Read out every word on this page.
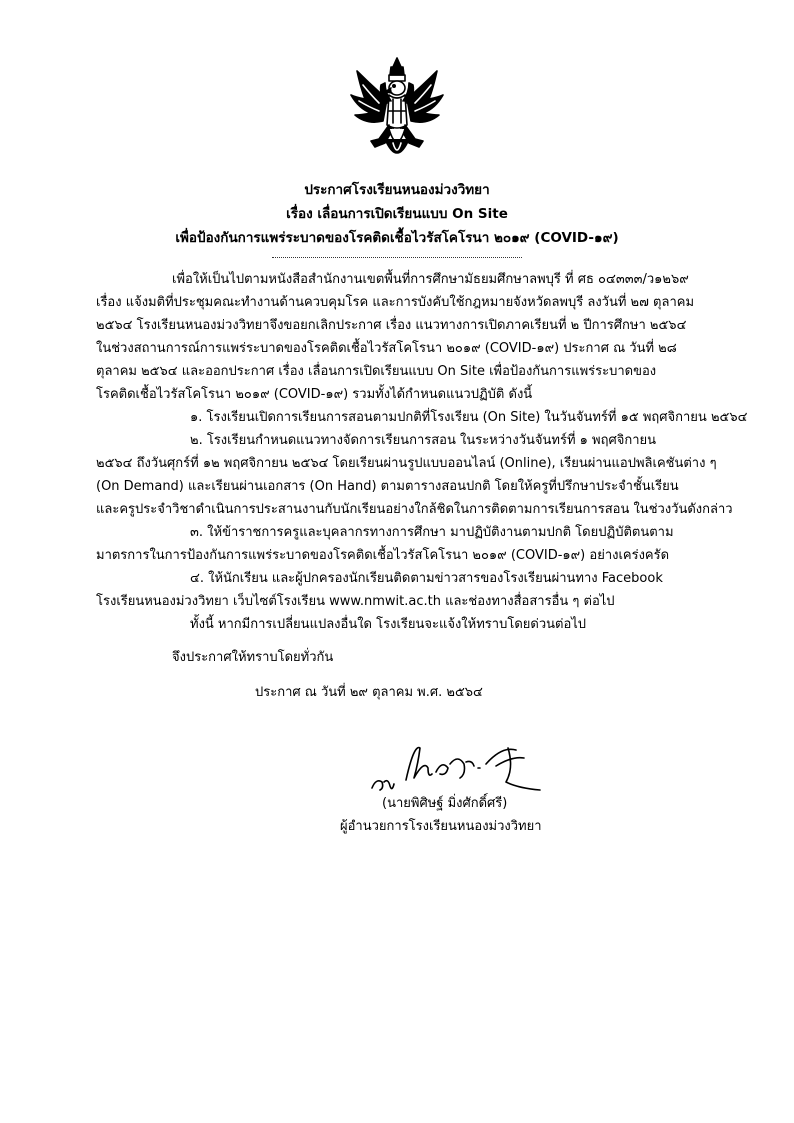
ประกาศโรงเรียนหนองม่วงวิทยา
เรื่อง เลื่อนการเปิดเรียนแบบ On Site
เพื่อป้องกันการแพร่ระบาดของโรคติดเชื้อไวรัสโคโรนา ๒๐๑๙ (COVID-๑๙)
เพื่อให้เป็นไปตามหนังสือสำนักงานเขตพื้นที่การศึกษามัธยมศึกษาลพบุรี ที่ ศธ ๐๔๓๓๓/ว๑๒๖๙
เรื่อง แจ้งมติที่ประชุมคณะทำงานด้านควบคุมโรค และการบังคับใช้กฎหมายจังหวัดลพบุรี ลงวันที่ ๒๗ ตุลาคม
๒๕๖๔ โรงเรียนหนองม่วงวิทยาจึงขอยกเลิกประกาศ เรื่อง แนวทางการเปิดภาคเรียนที่ ๒ ปีการศึกษา ๒๕๖๔
ในช่วงสถานการณ์การแพร่ระบาดของโรคติดเชื้อไวรัสโคโรนา ๒๐๑๙ (COVID-๑๙) ประกาศ ณ วันที่ ๒๘
ตุลาคม ๒๕๖๔ และออกประกาศ เรื่อง เลื่อนการเปิดเรียนแบบ On Site เพื่อป้องกันการแพร่ระบาดของ
โรคติดเชื้อไวรัสโคโรนา ๒๐๑๙ (COVID-๑๙) รวมทั้งได้กำหนดแนวปฏิบัติ ดังนี้
๑. โรงเรียนเปิดการเรียนการสอนตามปกติที่โรงเรียน (On Site) ในวันจันทร์ที่ ๑๕ พฤศจิกายน ๒๕๖๔
๒. โรงเรียนกำหนดแนวทางจัดการเรียนการสอน ในระหว่างวันจันทร์ที่ ๑ พฤศจิกายน
๒๕๖๔ ถึงวันศุกร์ที่ ๑๒ พฤศจิกายน ๒๕๖๔ โดยเรียนผ่านรูปแบบออนไลน์ (Online), เรียนผ่านแอปพลิเคชันต่าง ๆ
(On Demand) และเรียนผ่านเอกสาร (On Hand) ตามตารางสอนปกติ โดยให้ครูที่ปรึกษาประจำชั้นเรียน
และครูประจำวิชาดำเนินการประสานงานกับนักเรียนอย่างใกล้ชิดในการติดตามการเรียนการสอน ในช่วงวันดังกล่าว
๓. ให้ข้าราชการครูและบุคลากรทางการศึกษา มาปฏิบัติงานตามปกติ โดยปฏิบัติตนตาม
มาตรการในการป้องกันการแพร่ระบาดของโรคติดเชื้อไวรัสโคโรนา ๒๐๑๙ (COVID-๑๙) อย่างเคร่งครัด
๔. ให้นักเรียน และผู้ปกครองนักเรียนติดตามข่าวสารของโรงเรียนผ่านทาง Facebook
โรงเรียนหนองม่วงวิทยา เว็บไซต์โรงเรียน www.nmwit.ac.th และช่องทางสื่อสารอื่น ๆ ต่อไป
ทั้งนี้ หากมีการเปลี่ยนแปลงอื่นใด โรงเรียนจะแจ้งให้ทราบโดยด่วนต่อไป
จึงประกาศให้ทราบโดยทั่วกัน
ประกาศ ณ วันที่ ๒๙ ตุลาคม พ.ศ. ๒๕๖๔
(นายพิศิษฐ์ มิ่งศักดิ์ศรี)
ผู้อำนวยการโรงเรียนหนองม่วงวิทยา
